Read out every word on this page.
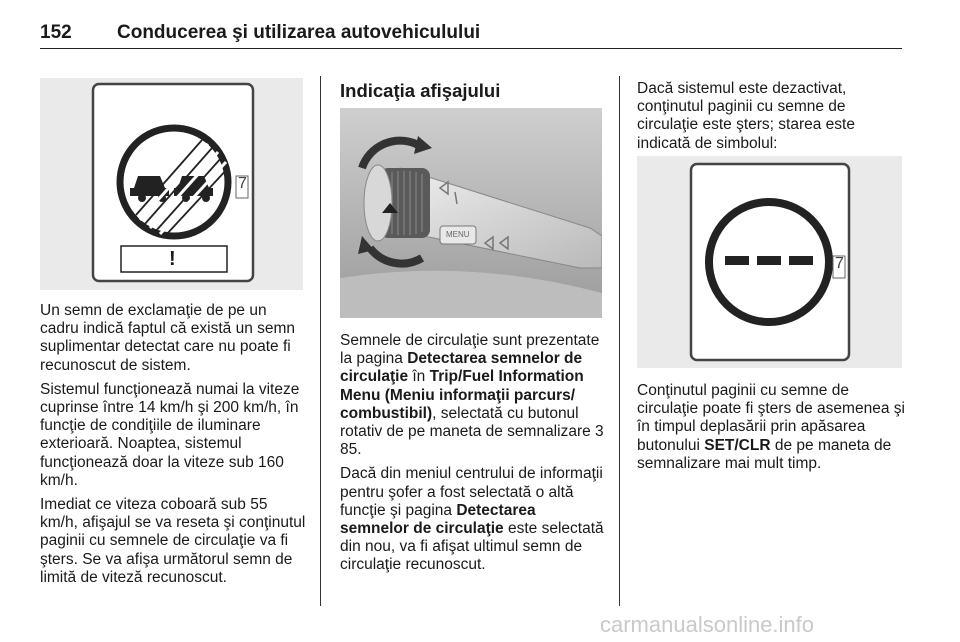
152 Conducerea şi utilizarea autovehiculului
7
!

Un semn de exclamaţie de pe un cadru indică faptul că există un semn suplimentar detectat care nu poate fi recunoscut de sistem.

Sistemul funcţionează numai la viteze cuprinse între 14 km/h şi 200 km/h, în funcţie de condiţiile de iluminare exterioară. Noaptea, sistemul funcţionează doar la viteze sub 160 km/h.

Imediat ce viteza coboară sub 55 km/h, afişajul se va reseta şi conţinutul paginii cu semnele de circulaţie va fi şters. Se va afişa următorul semn de limită de viteză recunoscut.

Indicaţia afişajului
MENU

Semnele de circulaţie sunt prezentate la pagina Detectarea semnelor de circulaţie în Trip/Fuel Information Menu (Meniu informaţii parcurs/ combustibil), selectată cu butonul rotativ de pe maneta de semnalizare 3 85.

Dacă din meniul centrului de informaţii pentru şofer a fost selectată o altă funcţie şi pagina Detectarea semnelor de circulaţie este selectată din nou, va fi afişat ultimul semn de circulaţie recunoscut.

Dacă sistemul este dezactivat, conţinutul paginii cu semne de circulaţie este şters; starea este indicată de simbolul:

7

Conţinutul paginii cu semne de circulaţie poate fi şters de asemenea şi în timpul deplasării prin apăsarea butonului SET/CLR de pe maneta de semnalizare mai mult timp.

carmanualsonline.info
